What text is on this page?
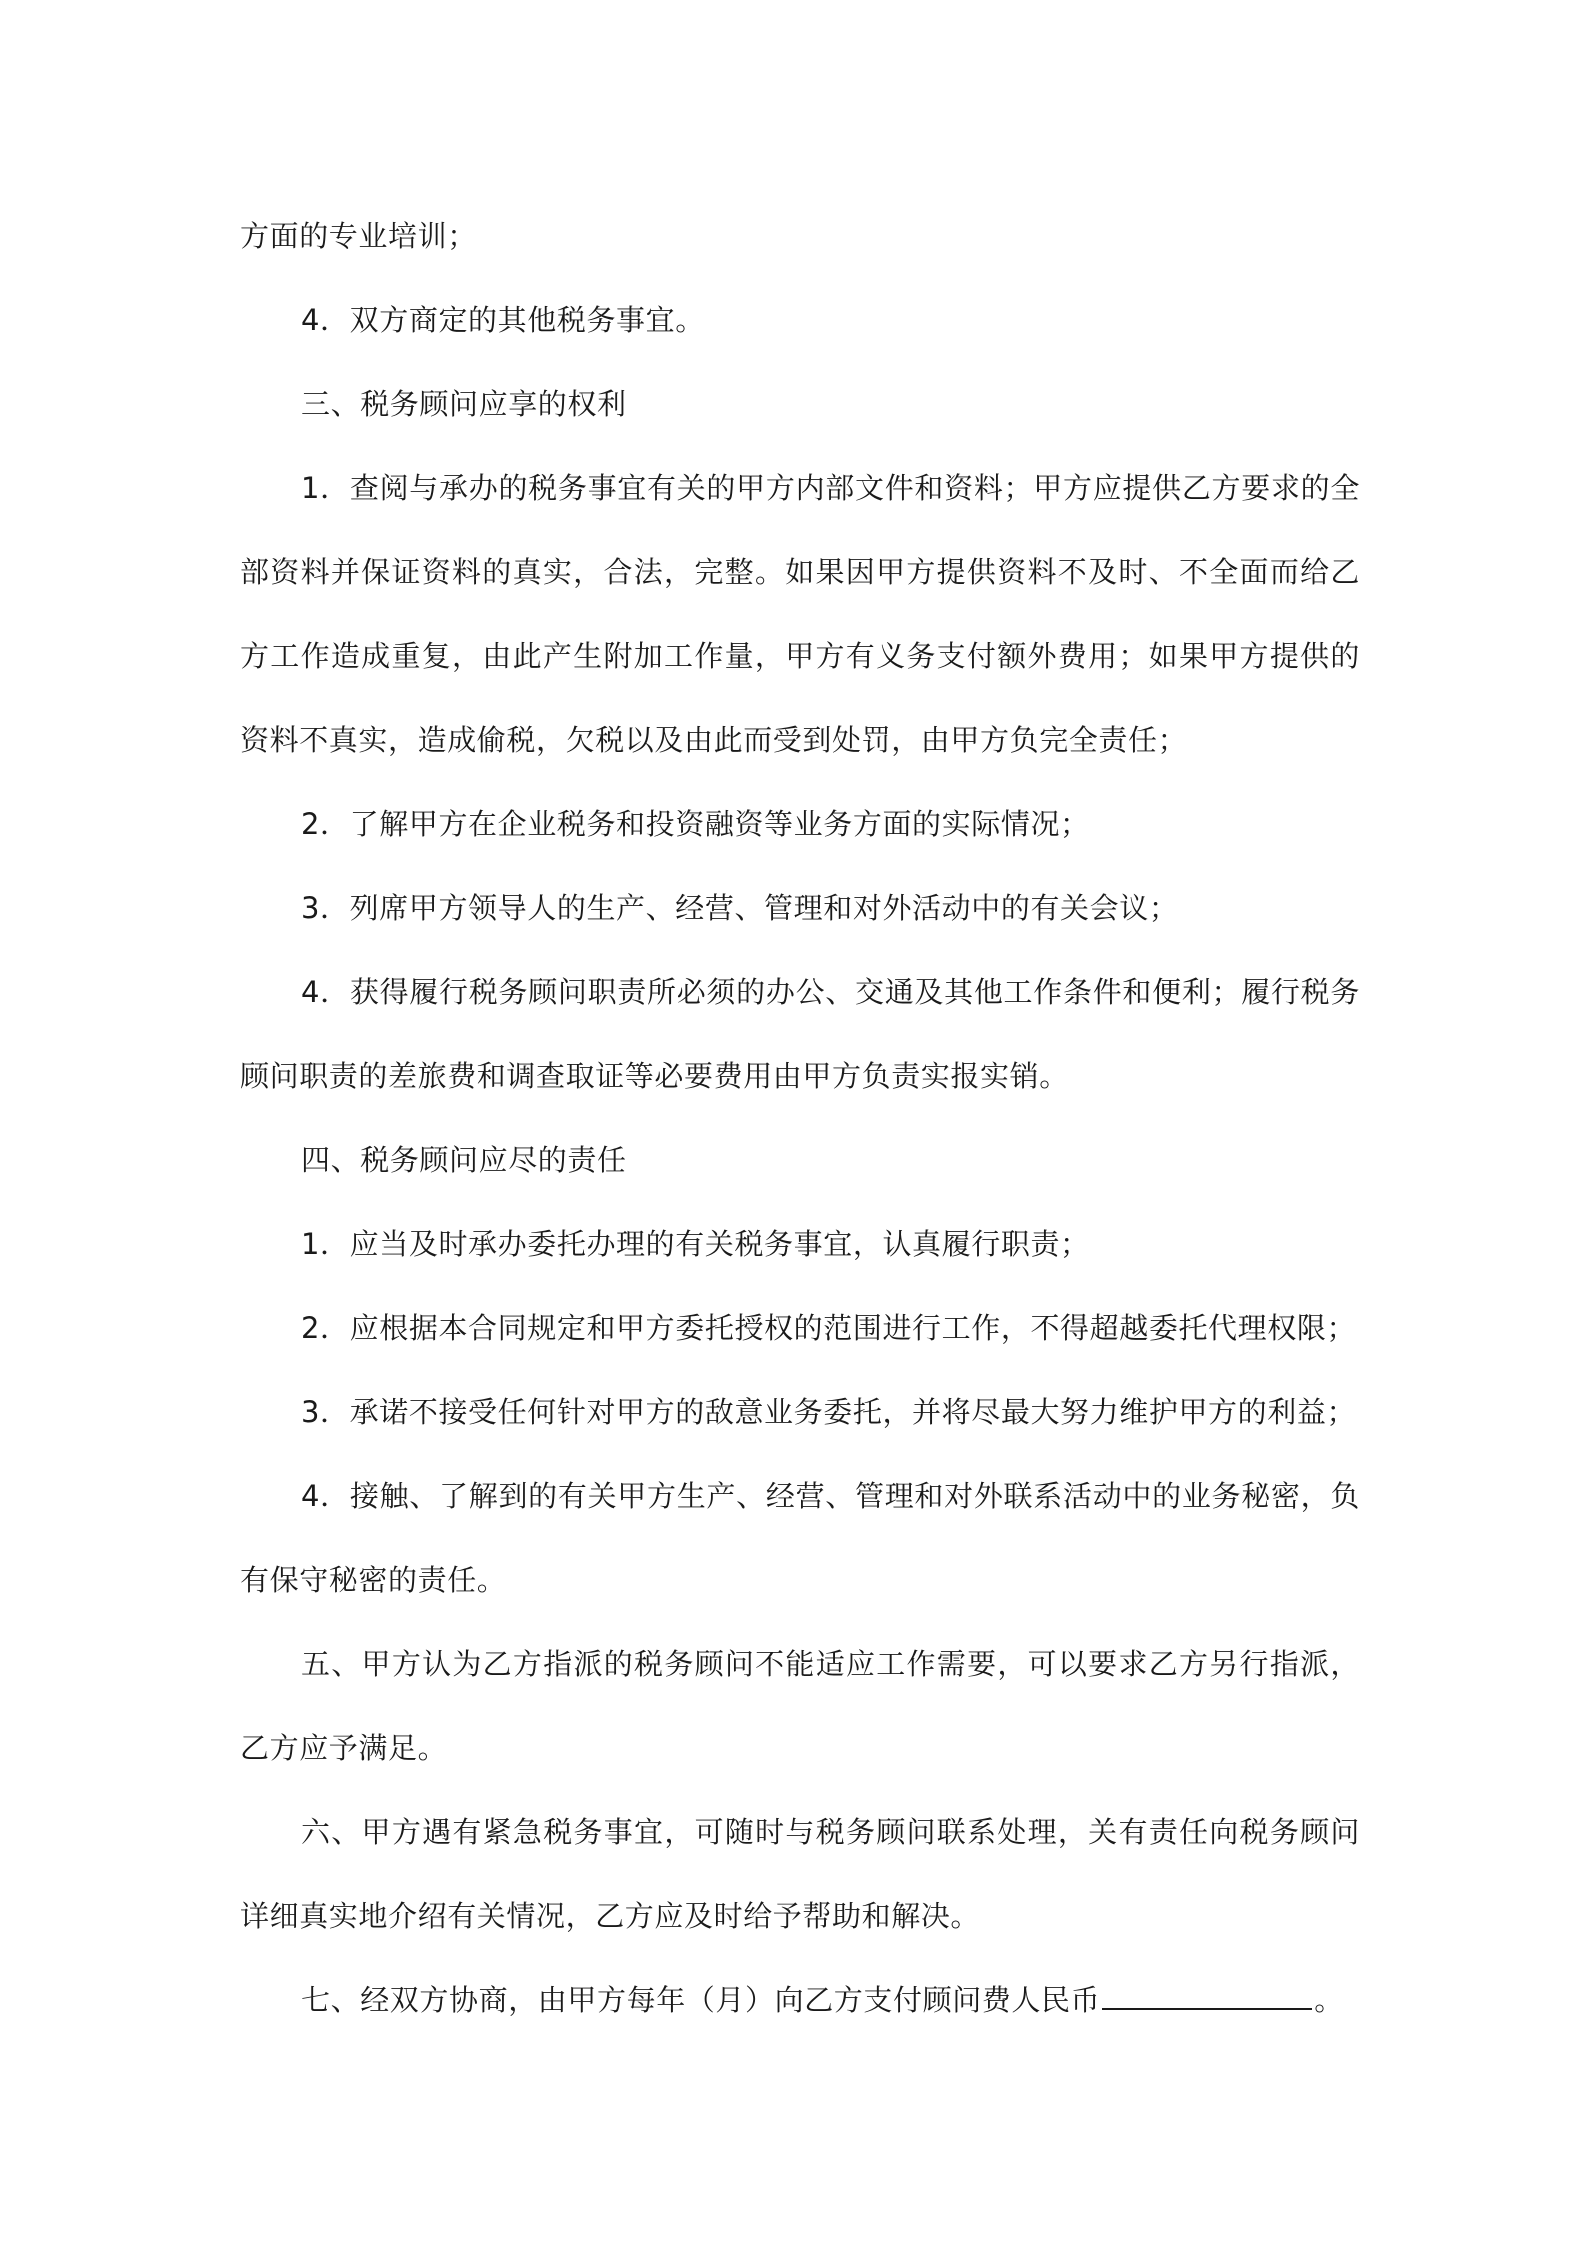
方面的专业培训；

4．双方商定的其他税务事宜。

三、税务顾问应享的权利

1．查阅与承办的税务事宜有关的甲方内部文件和资料；甲方应提供乙方要求的全部资料并保证资料的真实，合法，完整。如果因甲方提供资料不及时、不全面而给乙方工作造成重复，由此产生附加工作量，甲方有义务支付额外费用；如果甲方提供的资料不真实，造成偷税，欠税以及由此而受到处罚，由甲方负完全责任；

2．了解甲方在企业税务和投资融资等业务方面的实际情况；

3．列席甲方领导人的生产、经营、管理和对外活动中的有关会议；

4．获得履行税务顾问职责所必须的办公、交通及其他工作条件和便利；履行税务顾问职责的差旅费和调查取证等必要费用由甲方负责实报实销。

四、税务顾问应尽的责任

1．应当及时承办委托办理的有关税务事宜，认真履行职责；

2．应根据本合同规定和甲方委托授权的范围进行工作，不得超越委托代理权限；

3．承诺不接受任何针对甲方的敌意业务委托，并将尽最大努力维护甲方的利益；

4．接触、了解到的有关甲方生产、经营、管理和对外联系活动中的业务秘密，负有保守秘密的责任。

五、甲方认为乙方指派的税务顾问不能适应工作需要，可以要求乙方另行指派，乙方应予满足。

六、甲方遇有紧急税务事宜，可随时与税务顾问联系处理，关有责任向税务顾问详细真实地介绍有关情况，乙方应及时给予帮助和解决。

七、经双方协商，由甲方每年（月）向乙方支付顾问费人民币	。
